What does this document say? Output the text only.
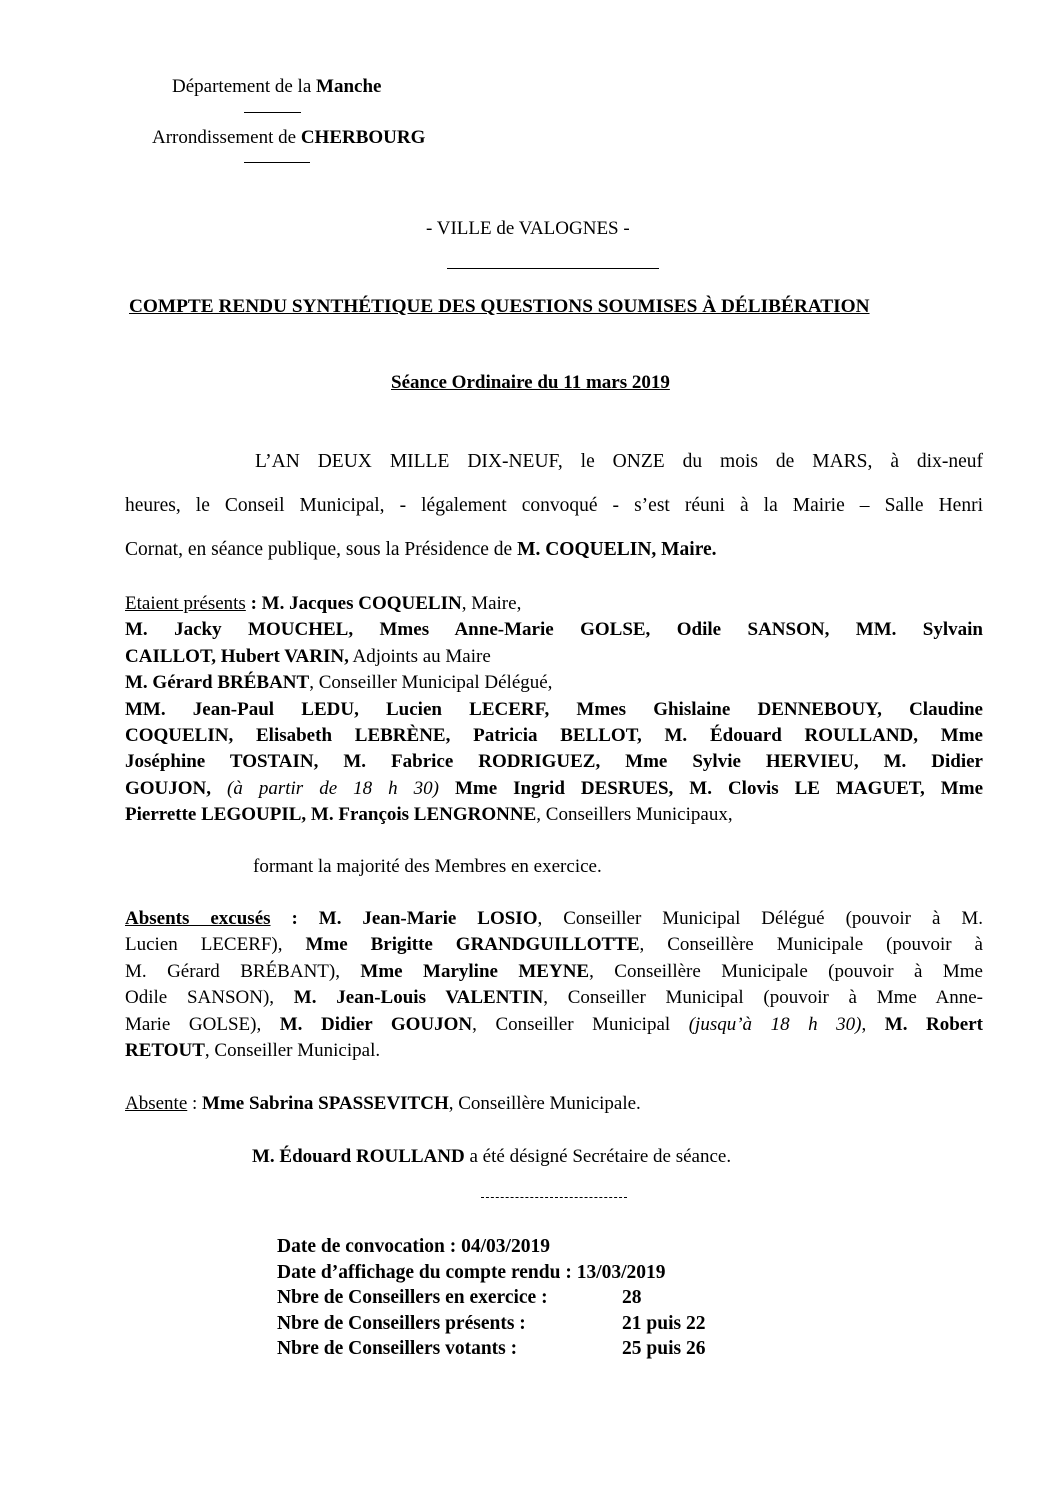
Département de la Manche
Arrondissement de CHERBOURG
- VILLE de VALOGNES -
COMPTE RENDU SYNTHÉTIQUE DES QUESTIONS SOUMISES À DÉLIBÉRATION
Séance Ordinaire du 11 mars 2019
L’AN DEUX MILLE DIX-NEUF, le ONZE du mois de MARS, à dix-neuf
heures, le Conseil Municipal, - légalement convoqué - s’est réuni à la Mairie – Salle Henri
Cornat, en séance publique, sous la Présidence de M. COQUELIN, Maire.
Etaient présents : M. Jacques COQUELIN, Maire,
M. Jacky MOUCHEL, Mmes Anne-Marie GOLSE, Odile SANSON, MM. Sylvain
CAILLOT, Hubert VARIN, Adjoints au Maire
M. Gérard BRÉBANT, Conseiller Municipal Délégué,
MM. Jean-Paul LEDU, Lucien LECERF, Mmes Ghislaine DENNEBOUY, Claudine
COQUELIN, Elisabeth LEBRÈNE, Patricia BELLOT, M. Édouard ROULLAND, Mme
Joséphine TOSTAIN, M. Fabrice RODRIGUEZ, Mme Sylvie HERVIEU, M. Didier
GOUJON, (à partir de 18 h 30) Mme Ingrid DESRUES, M. Clovis LE MAGUET, Mme
Pierrette LEGOUPIL, M. François LENGRONNE, Conseillers Municipaux,
formant la majorité des Membres en exercice.
Absents excusés : M. Jean-Marie LOSIO, Conseiller Municipal Délégué (pouvoir à M.
Lucien LECERF), Mme Brigitte GRANDGUILLOTTE, Conseillère Municipale (pouvoir à
M. Gérard BRÉBANT), Mme Maryline MEYNE, Conseillère Municipale (pouvoir à Mme
Odile SANSON), M. Jean-Louis VALENTIN, Conseiller Municipal (pouvoir à Mme Anne-
Marie GOLSE), M. Didier GOUJON, Conseiller Municipal (jusqu’à 18 h 30), M. Robert
RETOUT, Conseiller Municipal.
Absente : Mme Sabrina SPASSEVITCH, Conseillère Municipale.
M. Édouard ROULLAND a été désigné Secrétaire de séance.
Date de convocation : 04/03/2019
Date d’affichage du compte rendu : 13/03/2019
Nbre de Conseillers en exercice :	28
Nbre de Conseillers présents :	21 puis 22
Nbre de Conseillers votants :	25 puis 26
